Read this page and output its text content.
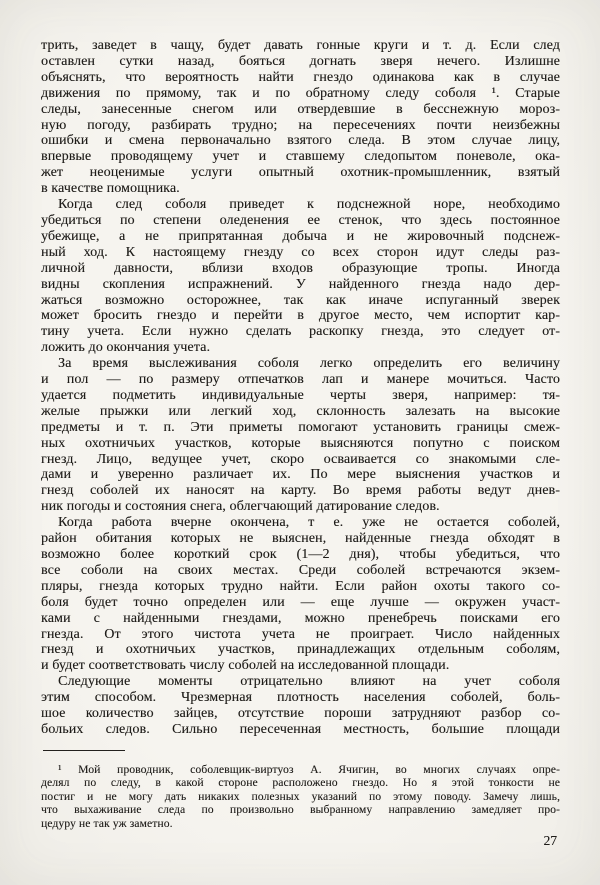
трить, заведет в чащу, будет давать гонные круги и т. д. Если след
оставлен сутки назад, бояться догнать зверя нечего. Излишне
объяснять, что вероятность найти гнездо одинакова как в случае
движения по прямому, так и по обратному следу соболя ¹. Старые
следы, занесенные снегом или отвердевшие в бесснежную мороз-
ную погоду, разбирать трудно; на пересечениях почти неизбежны
ошибки и смена первоначально взятого следа. В этом случае лицу,
впервые проводящему учет и ставшему следопытом поневоле, ока-
жет неоценимые услуги опытный охотник-промышленник, взятый
в качестве помощника.
Когда след соболя приведет к подснежной норе, необходимо
убедиться по степени оледенения ее стенок, что здесь постоянное
убежище, а не припрятанная добыча и не жировочный подснеж-
ный ход. К настоящему гнезду со всех сторон идут следы раз-
личной давности, вблизи входов образующие тропы. Иногда
видны скопления испражнений. У найденного гнезда надо дер-
жаться возможно осторожнее, так как иначе испуганный зверек
может бросить гнездо и перейти в другое место, чем испортит кар-
тину учета. Если нужно сделать раскопку гнезда, это следует от-
ложить до окончания учета.
За время выслеживания соболя легко определить его величину
и пол — по размеру отпечатков лап и манере мочиться. Часто
удается подметить индивидуальные черты зверя, например: тя-
желые прыжки или легкий ход, склонность залезать на высокие
предметы и т. п. Эти приметы помогают установить границы смеж-
ных охотничьих участков, которые выясняются попутно с поиском
гнезд. Лицо, ведущее учет, скоро осваивается со знакомыми сле-
дами и уверенно различает их. По мере выяснения участков и
гнезд соболей их наносят на карту. Во время работы ведут днев-
ник погоды и состояния снега, облегчающий датирование следов.
Когда работа вчерне окончена, т е. уже не остается соболей,
район обитания которых не выяснен, найденные гнезда обходят в
возможно более короткий срок (1—2 дня), чтобы убедиться, что
все соболи на своих местах. Среди соболей встречаются экзем-
пляры, гнезда которых трудно найти. Если район охоты такого со-
боля будет точно определен или — еще лучше — окружен участ-
ками с найденными гнездами, можно пренебречь поисками его
гнезда. От этого чистота учета не проиграет. Число найденных
гнезд и охотничьих участков, принадлежащих отдельным соболям,
и будет соответствовать числу соболей на исследованной площади.
Следующие моменты отрицательно влияют на учет соболя
этим способом. Чрезмерная плотность населения соболей, боль-
шое количество зайцев, отсутствие пороши затрудняют разбор со-
больих следов. Сильно пересеченная местность, большие площади
¹ Мой проводник, соболевщик-виртуоз А. Ячигин, во многих случаях опре-
делял по следу, в какой стороне расположено гнездо. Но я этой тонкости не
постиг и не могу дать никаких полезных указаний по этому поводу. Замечу лишь,
что выхаживание следа по произвольно выбранному направлению замедляет про-
цедуру не так уж заметно.
27
